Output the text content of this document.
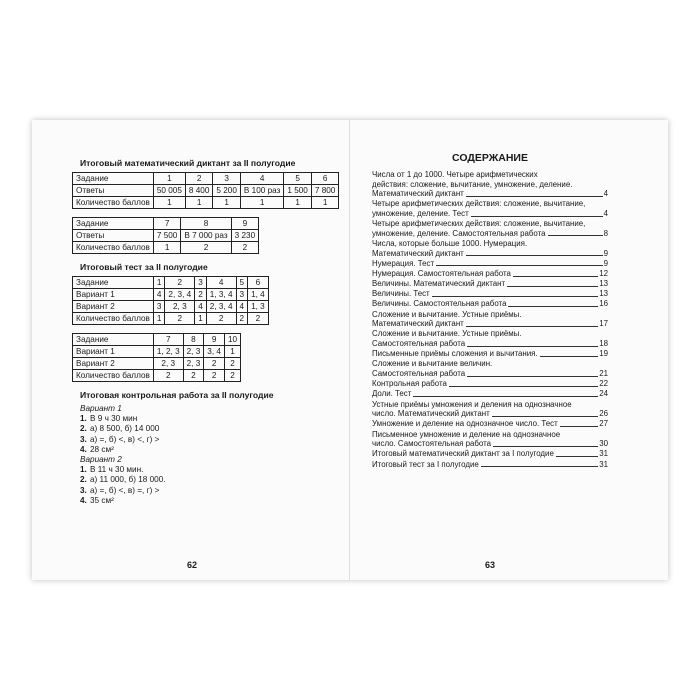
Итоговый математический диктант за II полугодие
Задание	1	2	3	4	5	6
Ответы	50 005	8 400	5 200	В 100 раз	1 500	7 800
Количество баллов	1	1	1	1	1	1
Задание	7	8	9
Ответы	7 500	В 7 000 раз	3 230
Количество баллов	1	2	2
Итоговый тест за II полугодие
Задание	1	2	3	4	5	6
Вариант 1	4	2, 3, 4	2	1, 3, 4	3	1, 4
Вариант 2	3	2, 3	4	2, 3, 4	4	1, 3
Количество баллов	1	2	1	2	2	2
Задание	7	8	9	10
Вариант 1	1, 2, 3	2, 3	3, 4	1
Вариант 2	2, 3	2, 3	2	2
Количество баллов	2	2	2	2
Итоговая контрольная работа за II полугодие
Вариант 1
1. В 9 ч 30 мин
2. а) 8 500, б) 14 000
3. а) =, б) <, в) <, г) >
4. 28 см²
Вариант 2
1. В 11 ч 30 мин.
2. а) 11 000, б) 18 000.
3. а) =, б) <, в) =, г) >
4. 35 см²
62
СОДЕРЖАНИЕ
Числа от 1 до 1000. Четыре арифметических
действия: сложение, вычитание, умножение, деление.
Математический диктант	4
Четыре арифметических действия: сложение, вычитание,
умножение, деление. Тест	4
Четыре арифметических действия: сложение, вычитание,
умножение, деление. Самостоятельная работа	8
Числа, которые больше 1000. Нумерация.
Математический диктант	9
Нумерация. Тест	9
Нумерация. Самостоятельная работа	12
Величины. Математический диктант	13
Величины. Тест	13
Величины. Самостоятельная работа	16
Сложение и вычитание. Устные приёмы.
Математический диктант	17
Сложение и вычитание. Устные приёмы.
Самостоятельная работа	18
Письменные приёмы сложения и вычитания.	19
Сложение и вычитание величин.
Самостоятельная работа	21
Контрольная работа	22
Доли. Тест	24
Устные приёмы умножения и деления на однозначное
число. Математический диктант	26
Умножение и деление на однозначное число. Тест	27
Письменное умножение и деление на однозначное
число. Самостоятельная работа	30
Итоговый математический диктант за I полугодие	31
Итоговый тест за I полугодие	31
63
